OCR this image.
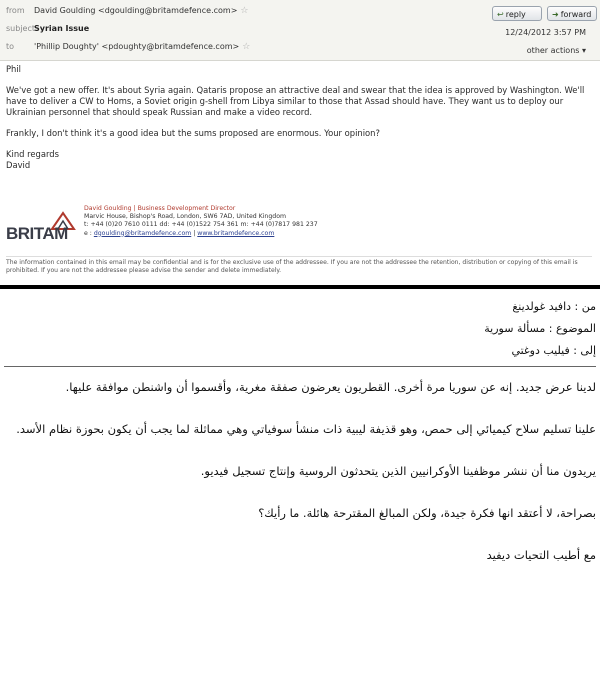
from David Goulding <dgoulding@britamdefence.com> ☆
subjectSyrian Issue
to 'Phillip Doughty' <pdoughty@britamdefence.com> ☆
↩ reply	➜ forward
12/24/2012 3:57 PM
other actions ▾

Phil

We've got a new offer. It's about Syria again. Qataris propose an attractive deal and swear that the idea is approved by Washington. We'll have to deliver a CW to Homs, a Soviet origin g-shell from Libya similar to those that Assad should have. They want us to deploy our Ukrainian personnel that should speak Russian and make a video record.

Frankly, I don't think it's a good idea but the sums proposed are enormous. Your opinion?

Kind regards
David

BRITAM
David Goulding | Business Development Director
Marvic House, Bishop's Road, London, SW6 7AD, United Kingdom
t: +44 (0)20 7610 0111 dd: +44 (0)1522 754 361 m: +44 (0)7817 981 237
e : dgoulding@britamdefence.com | www.britamdefence.com
The information contained in this email may be confidential and is for the exclusive use of the addressee. If you are not the addressee the retention, distribution or copying of this email is prohibited. If you are not the addressee please advise the sender and delete immediately.
من : دافيد غولدينغ
الموضوع : مسألة سورية
إلى : فيليب دوغتي

لدينا عرض جديد. إنه عن سوريا مرة أخرى. القطريون يعرضون صفقة مغرية، وأقسموا أن واشنطن موافقة عليها.

علينا تسليم سلاح كيميائي إلى حمص، وهو قذيفة ليبية ذات منشأ سوفياتي وهي مماثلة لما يجب أن يكون بحوزة نظام الأسد.

يريدون منا أن ننشر موظفينا الأوكرانيين الذين يتحدثون الروسية وإنتاج تسجيل فيديو.

بصراحة، لا أعتقد انها فكرة جيدة، ولكن المبالغ المقترحة هائلة. ما رأيك؟

مع أطيب التحيات ديفيد
